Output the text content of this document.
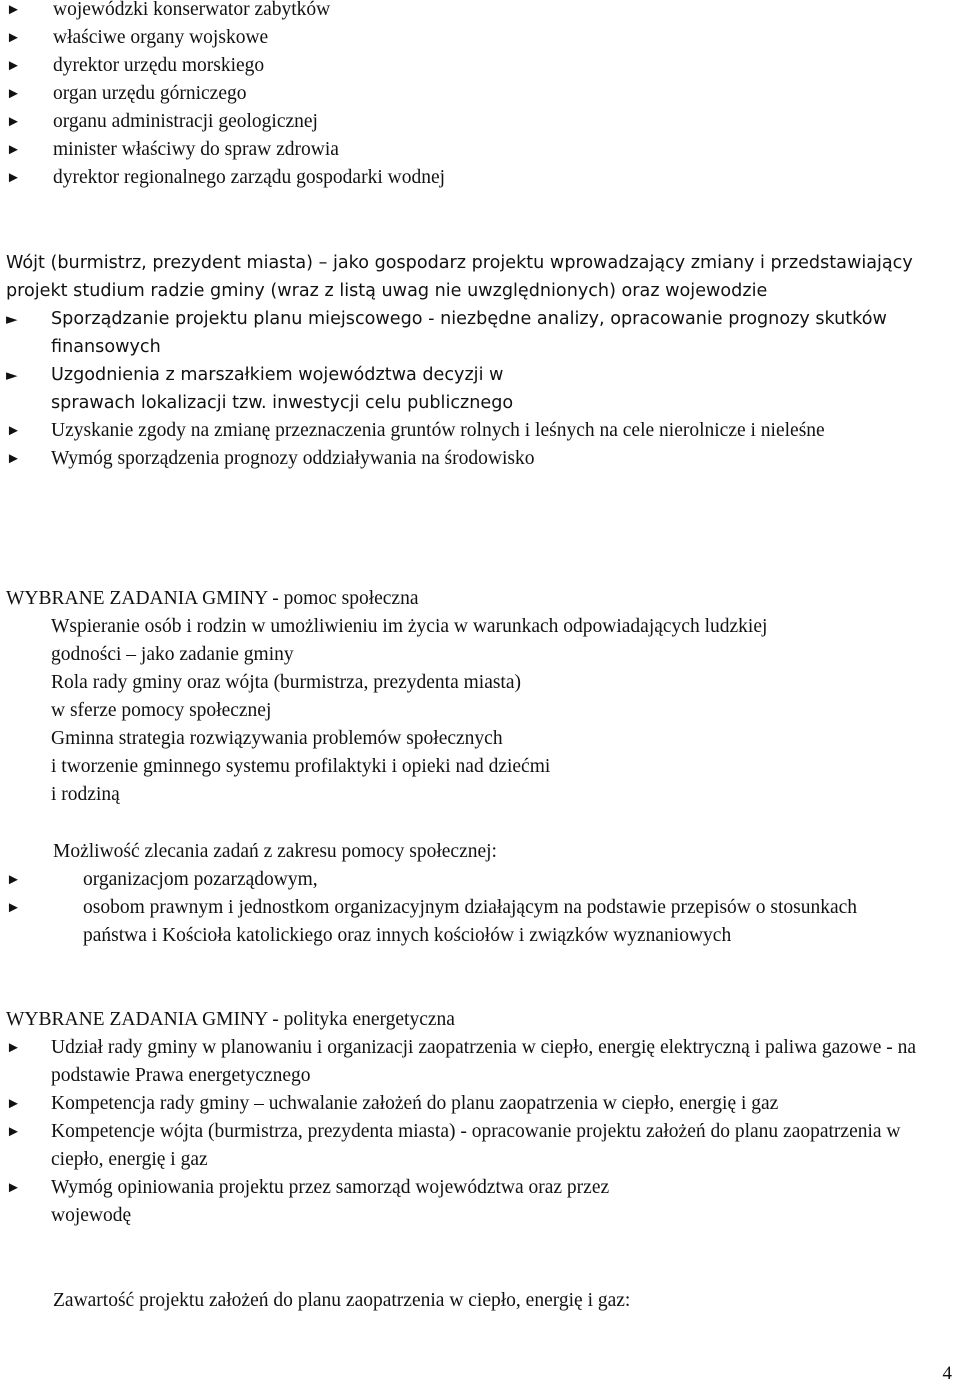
► wojewódzki konserwator zabytków
► właściwe organy wojskowe
► dyrektor urzędu morskiego
► organ urzędu górniczego
► organu administracji geologicznej
► minister właściwy do spraw zdrowia
► dyrektor regionalnego zarządu gospodarki wodnej

Wójt (burmistrz, prezydent miasta) – jako gospodarz projektu wprowadzający zmiany i przedstawiający projekt studium radzie gminy (wraz z listą uwag nie uwzględnionych) oraz wojewodzie

►	Sporządzanie projektu planu miejscowego - niezbędne analizy, opracowanie prognozy skutków finansowych
►	Uzgodnienia z marszałkiem województwa decyzji w sprawach lokalizacji tzw. inwestycji celu publicznego
► Uzyskanie zgody na zmianę przeznaczenia gruntów rolnych i leśnych na cele nierolnicze i nieleśne
► Wymóg sporządzenia prognozy oddziaływania na środowisko

WYBRANE ZADANIA GMINY - pomoc społeczna

Wspieranie osób i rodzin w umożliwieniu im życia w warunkach odpowiadających ludzkiej

godności – jako zadanie gminy

Rola rady gminy oraz wójta (burmistrza, prezydenta miasta)

w sferze pomocy społecznej

Gminna strategia rozwiązywania problemów społecznych

i tworzenie gminnego systemu profilaktyki i opieki nad dziećmi

i rodziną

Możliwość zlecania zadań z zakresu pomocy społecznej:

►	organizacjom pozarządowym,
►	osobom prawnym i jednostkom organizacyjnym działającym na podstawie przepisów o stosunkach państwa i Kościoła katolickiego oraz innych kościołów i związków wyznaniowych

WYBRANE ZADANIA GMINY - polityka energetyczna

► Udział rady gminy w planowaniu i organizacji zaopatrzenia w ciepło, energię elektryczną i paliwa gazowe - na podstawie Prawa energetycznego
► Kompetencja rady gminy – uchwalanie założeń do planu zaopatrzenia w ciepło, energię i gaz
► Kompetencje wójta (burmistrza, prezydenta miasta) - opracowanie projektu założeń do planu zaopatrzenia w ciepło, energię i gaz
► Wymóg opiniowania projektu przez samorząd województwa oraz przez wojewodę

Zawartość projektu założeń do planu zaopatrzenia w ciepło, energię i gaz:

4
